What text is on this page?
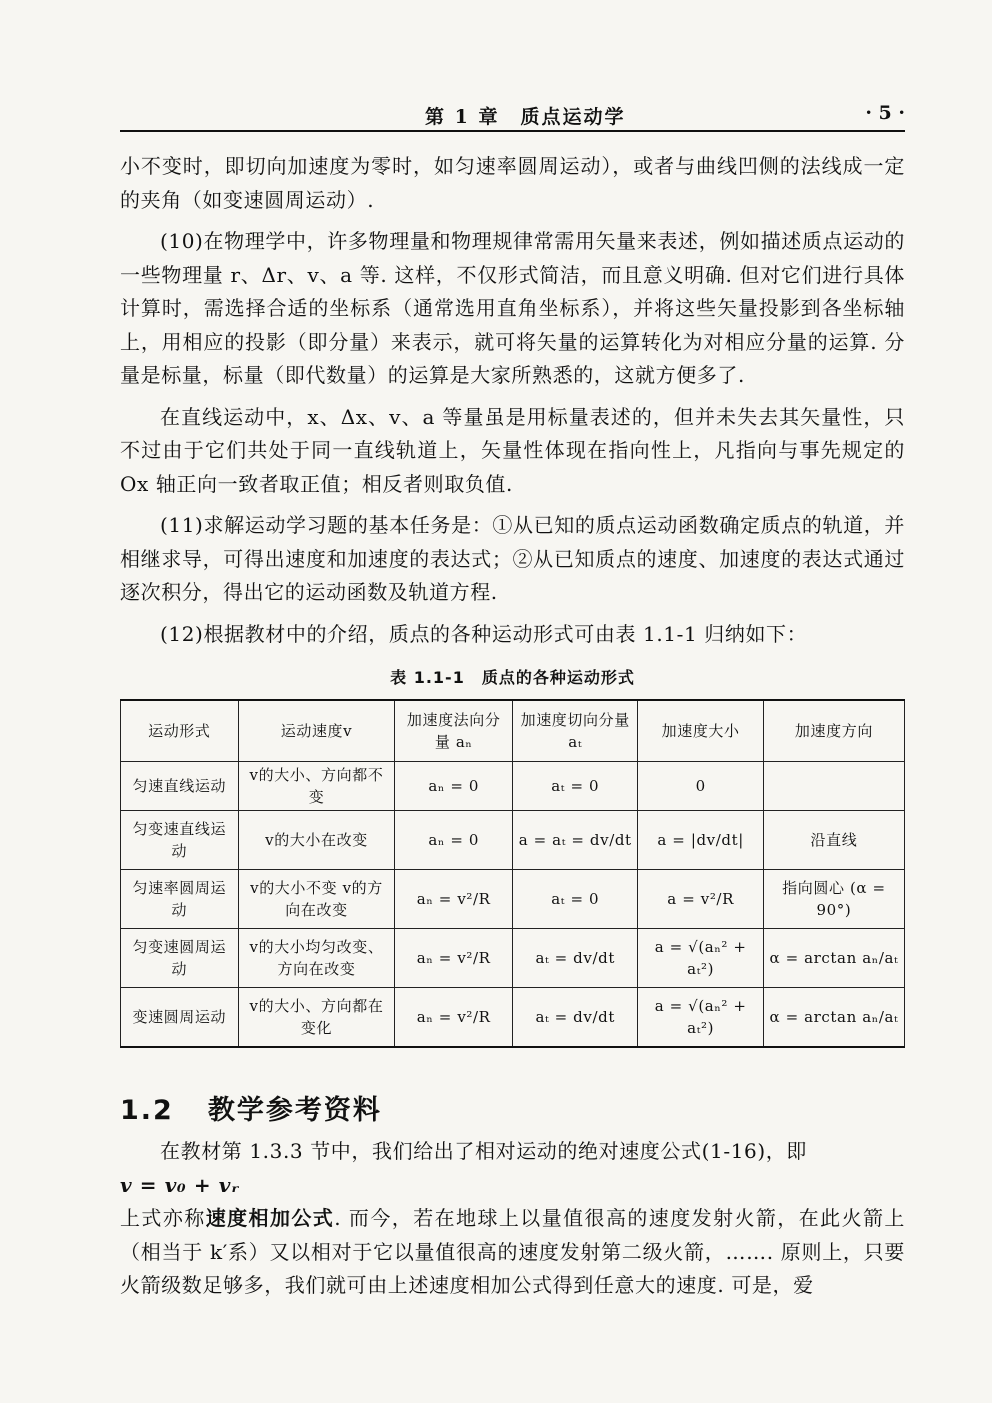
第 1 章　质点运动学	· 5 ·

小不变时，即切向加速度为零时，如匀速率圆周运动），或者与曲线凹侧的法线成一定的夹角（如变速圆周运动）.

(10)在物理学中，许多物理量和物理规律常需用矢量来表述，例如描述质点运动的一些物理量 r、Δr、v、a 等. 这样，不仅形式简洁，而且意义明确. 但对它们进行具体计算时，需选择合适的坐标系（通常选用直角坐标系），并将这些矢量投影到各坐标轴上，用相应的投影（即分量）来表示，就可将矢量的运算转化为对相应分量的运算. 分量是标量，标量（即代数量）的运算是大家所熟悉的，这就方便多了.

在直线运动中，x、Δx、v、a 等量虽是用标量表述的，但并未失去其矢量性，只不过由于它们共处于同一直线轨道上，矢量性体现在指向性上，凡指向与事先规定的 Ox 轴正向一致者取正值；相反者则取负值.

(11)求解运动学习题的基本任务是：①从已知的质点运动函数确定质点的轨道，并相继求导，可得出速度和加速度的表达式；②从已知质点的速度、加速度的表达式通过逐次积分，得出它的运动函数及轨道方程.

(12)根据教材中的介绍，质点的各种运动形式可由表 1.1-1 归纳如下：

表 1.1-1　质点的各种运动形式
运动形式	运动速度v	加速度法向分量 aₙ	加速度切向分量 aₜ	加速度大小	加速度方向
匀速直线运动	v的大小、方向都不变	aₙ = 0	aₜ = 0	0	
匀变速直线运动	v的大小在改变	aₙ = 0	a = aₜ = dv/dt	a = |dv/dt|	沿直线
匀速率圆周运动	v的大小不变 v的方向在改变	aₙ = v²/R	aₜ = 0	a = v²/R	指向圆心 (α = 90°)
匀变速圆周运动	v的大小均匀改变、方向在改变	aₙ = v²/R	aₜ = dv/dt	a = √(aₙ² + aₜ²)	α = arctan aₙ/aₜ
变速圆周运动	v的大小、方向都在变化	aₙ = v²/R	aₜ = dv/dt	a = √(aₙ² + aₜ²)	α = arctan aₙ/aₜ
1.2 教学参考资料

在教材第 1.3.3 节中，我们给出了相对运动的绝对速度公式(1-16)，即

v = v₀ + vᵣ

上式亦称速度相加公式. 而今，若在地球上以量值很高的速度发射火箭，在此火箭上（相当于 k′系）又以相对于它以量值很高的速度发射第二级火箭，……. 原则上，只要火箭级数足够多，我们就可由上述速度相加公式得到任意大的速度. 可是，爱
